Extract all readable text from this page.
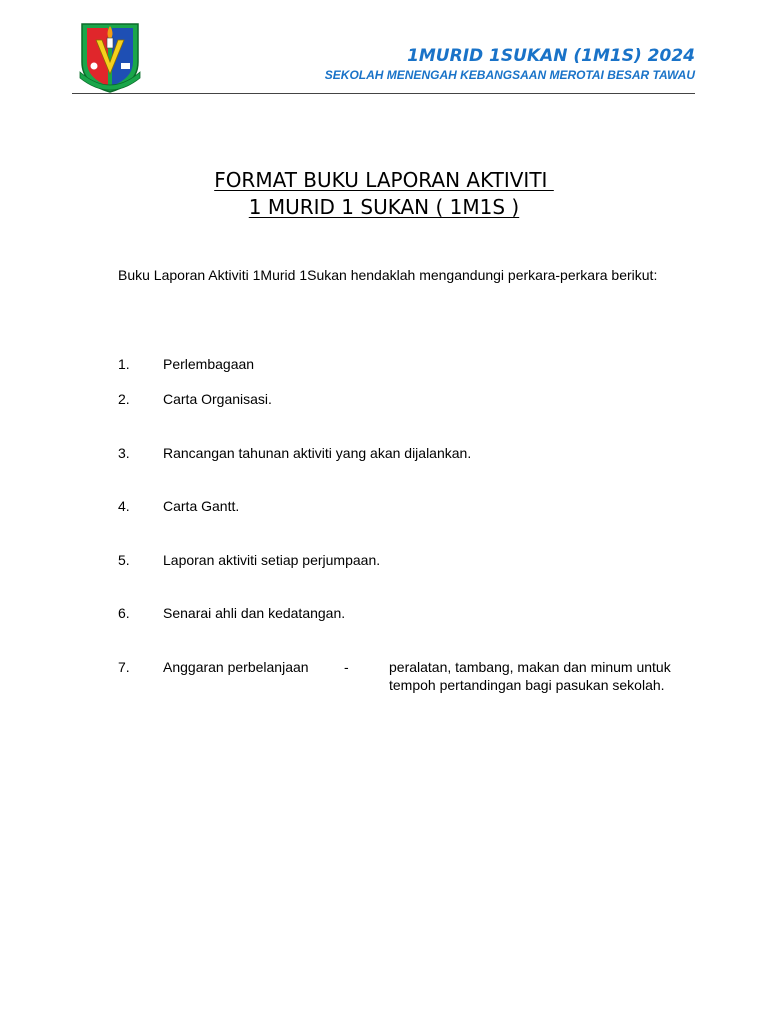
1MURID 1SUKAN (1M1S) 2024
SEKOLAH MENENGAH KEBANGSAAN MEROTAI BESAR TAWAU
FORMAT BUKU LAPORAN AKTIVITI
1 MURID 1 SUKAN ( 1M1S )
Buku Laporan Aktiviti 1Murid 1Sukan hendaklah mengandungi perkara-perkara berikut:
1.	Perlembagaan
2.	Carta Organisasi.
3.	Rancangan tahunan aktiviti yang akan dijalankan.
4.	Carta Gantt.
5.	Laporan aktiviti setiap perjumpaan.
6.	Senarai ahli dan kedatangan.
7.	Anggaran perbelanjaan	-	peralatan, tambang, makan dan minum untuk tempoh pertandingan bagi pasukan sekolah.
